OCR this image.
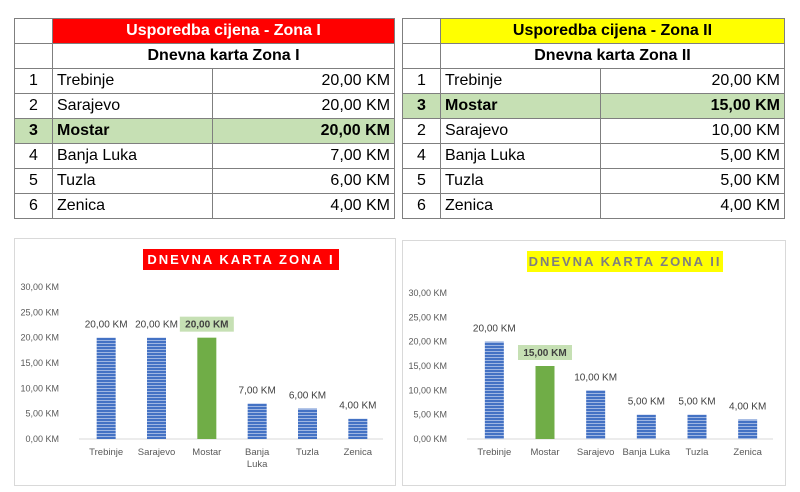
	Usporedba cijena - Zona I	
	Dnevna karta Zona I	
1	Trebinje	20,00 KM
2	Sarajevo	20,00 KM
3	Mostar	20,00 KM
4	Banja Luka	7,00 KM
5	Tuzla	6,00 KM
6	Zenica	4,00 KM
	Usporedba cijena - Zona II	
	Dnevna karta Zona II	
1	Trebinje	20,00 KM
3	Mostar	15,00 KM
2	Sarajevo	10,00 KM
4	Banja Luka	5,00 KM
5	Tuzla	5,00 KM
6	Zenica	4,00 KM
DNEVNA KARTA ZONA I
0,00 KM
5,00 KM
10,00 KM
15,00 KM
20,00 KM
25,00 KM
30,00 KM
20,00 KM
Trebinje
20,00 KM
Sarajevo
20,00 KM
Mostar
7,00 KM
Banja
Luka
6,00 KM
Tuzla
4,00 KM
Zenica
DNEVNA KARTA ZONA II
0,00 KM
5,00 KM
10,00 KM
15,00 KM
20,00 KM
25,00 KM
30,00 KM
20,00 KM
Trebinje
15,00 KM
Mostar
10,00 KM
Sarajevo
5,00 KM
Banja Luka
5,00 KM
Tuzla
4,00 KM
Zenica
